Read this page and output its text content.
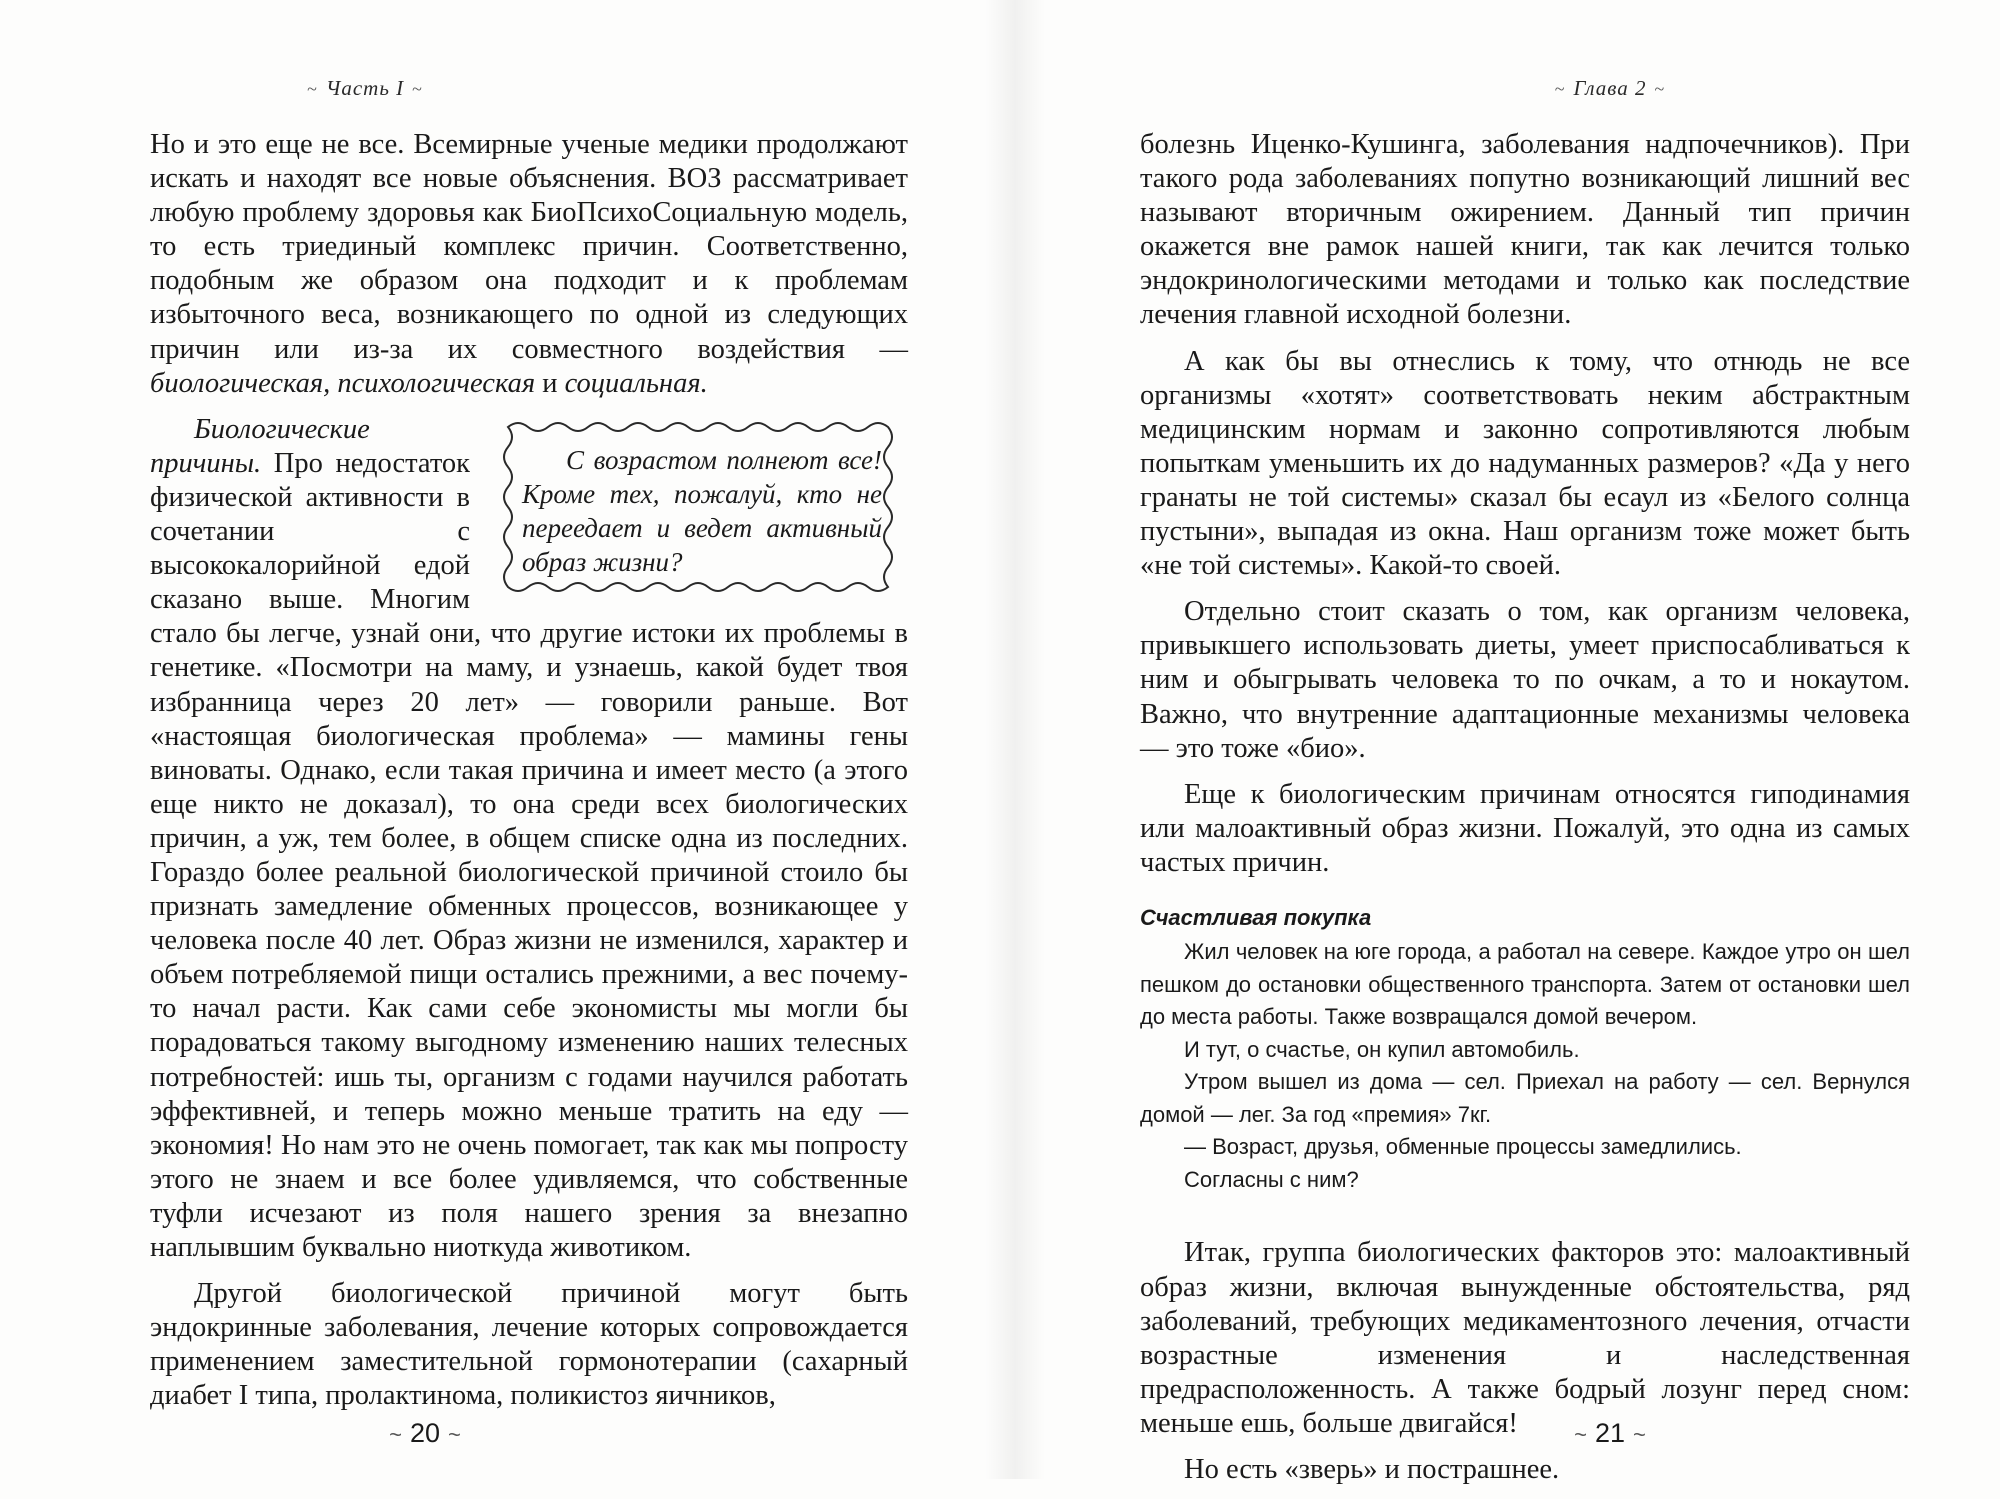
~ Часть I ~

Но и это еще не все. Всемирные ученые медики продолжают искать и находят все новые объяснения. ВОЗ рассматривает любую проблему здоровья как БиоПсихоСоциальную модель, то есть триединый комплекс причин. Соответственно, подобным же образом она подходит и к проблемам избыточного веса, возникающего по одной из следующих причин или из-за их совместного воздействия — биологическая, психологическая и социальная.

С возрастом полнеют все! Кроме тех, пожалуй, кто не переедает и ведет активный образ жизни?
Биологические причины. Про недостаток физической активности в сочетании с высококалорийной едой сказано выше. Многим стало бы легче, узнай они, что другие истоки их проблемы в генетике. «Посмотри на маму, и узнаешь, какой будет твоя избранница через 20 лет» — говорили раньше. Вот «настоящая биологическая проблема» — мамины гены виноваты. Однако, если такая причина и имеет место (а этого еще никто не доказал), то она среди всех биологических причин, а уж, тем более, в общем списке одна из последних. Гораздо более реальной биологической причиной стоило бы признать замедление обменных процессов, возникающее у человека после 40 лет. Образ жизни не изменился, характер и объем потребляемой пищи остались прежними, а вес почему-то начал расти. Как сами себе экономисты мы могли бы порадоваться такому выгодному изменению наших телесных потребностей: ишь ты, организм с годами научился работать эффективней, и теперь можно меньше тратить на еду — экономия! Но нам это не очень помогает, так как мы попросту этого не знаем и все более удивляемся, что собственные туфли исчезают из поля нашего зрения за внезапно наплывшим буквально ниоткуда животиком.

Другой биологической причиной могут быть эндокринные заболевания, лечение которых сопровождается применением заместительной гормонотерапии (сахарный диабет I типа, пролактинома, поликистоз яичников,

~ 20 ~
~ Глава 2 ~

болезнь Иценко-Кушинга, заболевания надпочечников). При такого рода заболеваниях попутно возникающий лишний вес называют вторичным ожирением. Данный тип причин окажется вне рамок нашей книги, так как лечится только эндокринологическими методами и только как последствие лечения главной исходной болезни.

А как бы вы отнеслись к тому, что отнюдь не все организмы «хотят» соответствовать неким абстрактным медицинским нормам и законно сопротивляются любым попыткам уменьшить их до надуманных размеров? «Да у него гранаты не той системы» сказал бы есаул из «Белого солнца пустыни», выпадая из окна. Наш организм тоже может быть «не той системы». Какой-то своей.

Отдельно стоит сказать о том, как организм человека, привыкшего использовать диеты, умеет приспосабливаться к ним и обыгрывать человека то по очкам, а то и нокаутом. Важно, что внутренние адаптационные механизмы человека — это тоже «био».

Еще к биологическим причинам относятся гиподинамия или малоактивный образ жизни. Пожалуй, это одна из самых частых причин.

Счастливая покупка

Жил человек на юге города, а работал на севере. Каждое утро он шел пешком до остановки общественного транспорта. Затем от остановки шел до места работы. Также возвращался домой вечером.

И тут, о счастье, он купил автомобиль.

Утром вышел из дома — сел. Приехал на работу — сел. Вернулся домой — лег. За год «премия» 7кг.

— Возраст, друзья, обменные процессы замедлились.

Согласны с ним?

Итак, группа биологических факторов это: малоактивный образ жизни, включая вынужденные обстоятельства, ряд заболеваний, требующих медикаментозного лечения, отчасти возрастные изменения и наследственная предрасположенность. А также бодрый лозунг перед сном: меньше ешь, больше двигайся!

Но есть «зверь» и пострашнее.

~ 21 ~
